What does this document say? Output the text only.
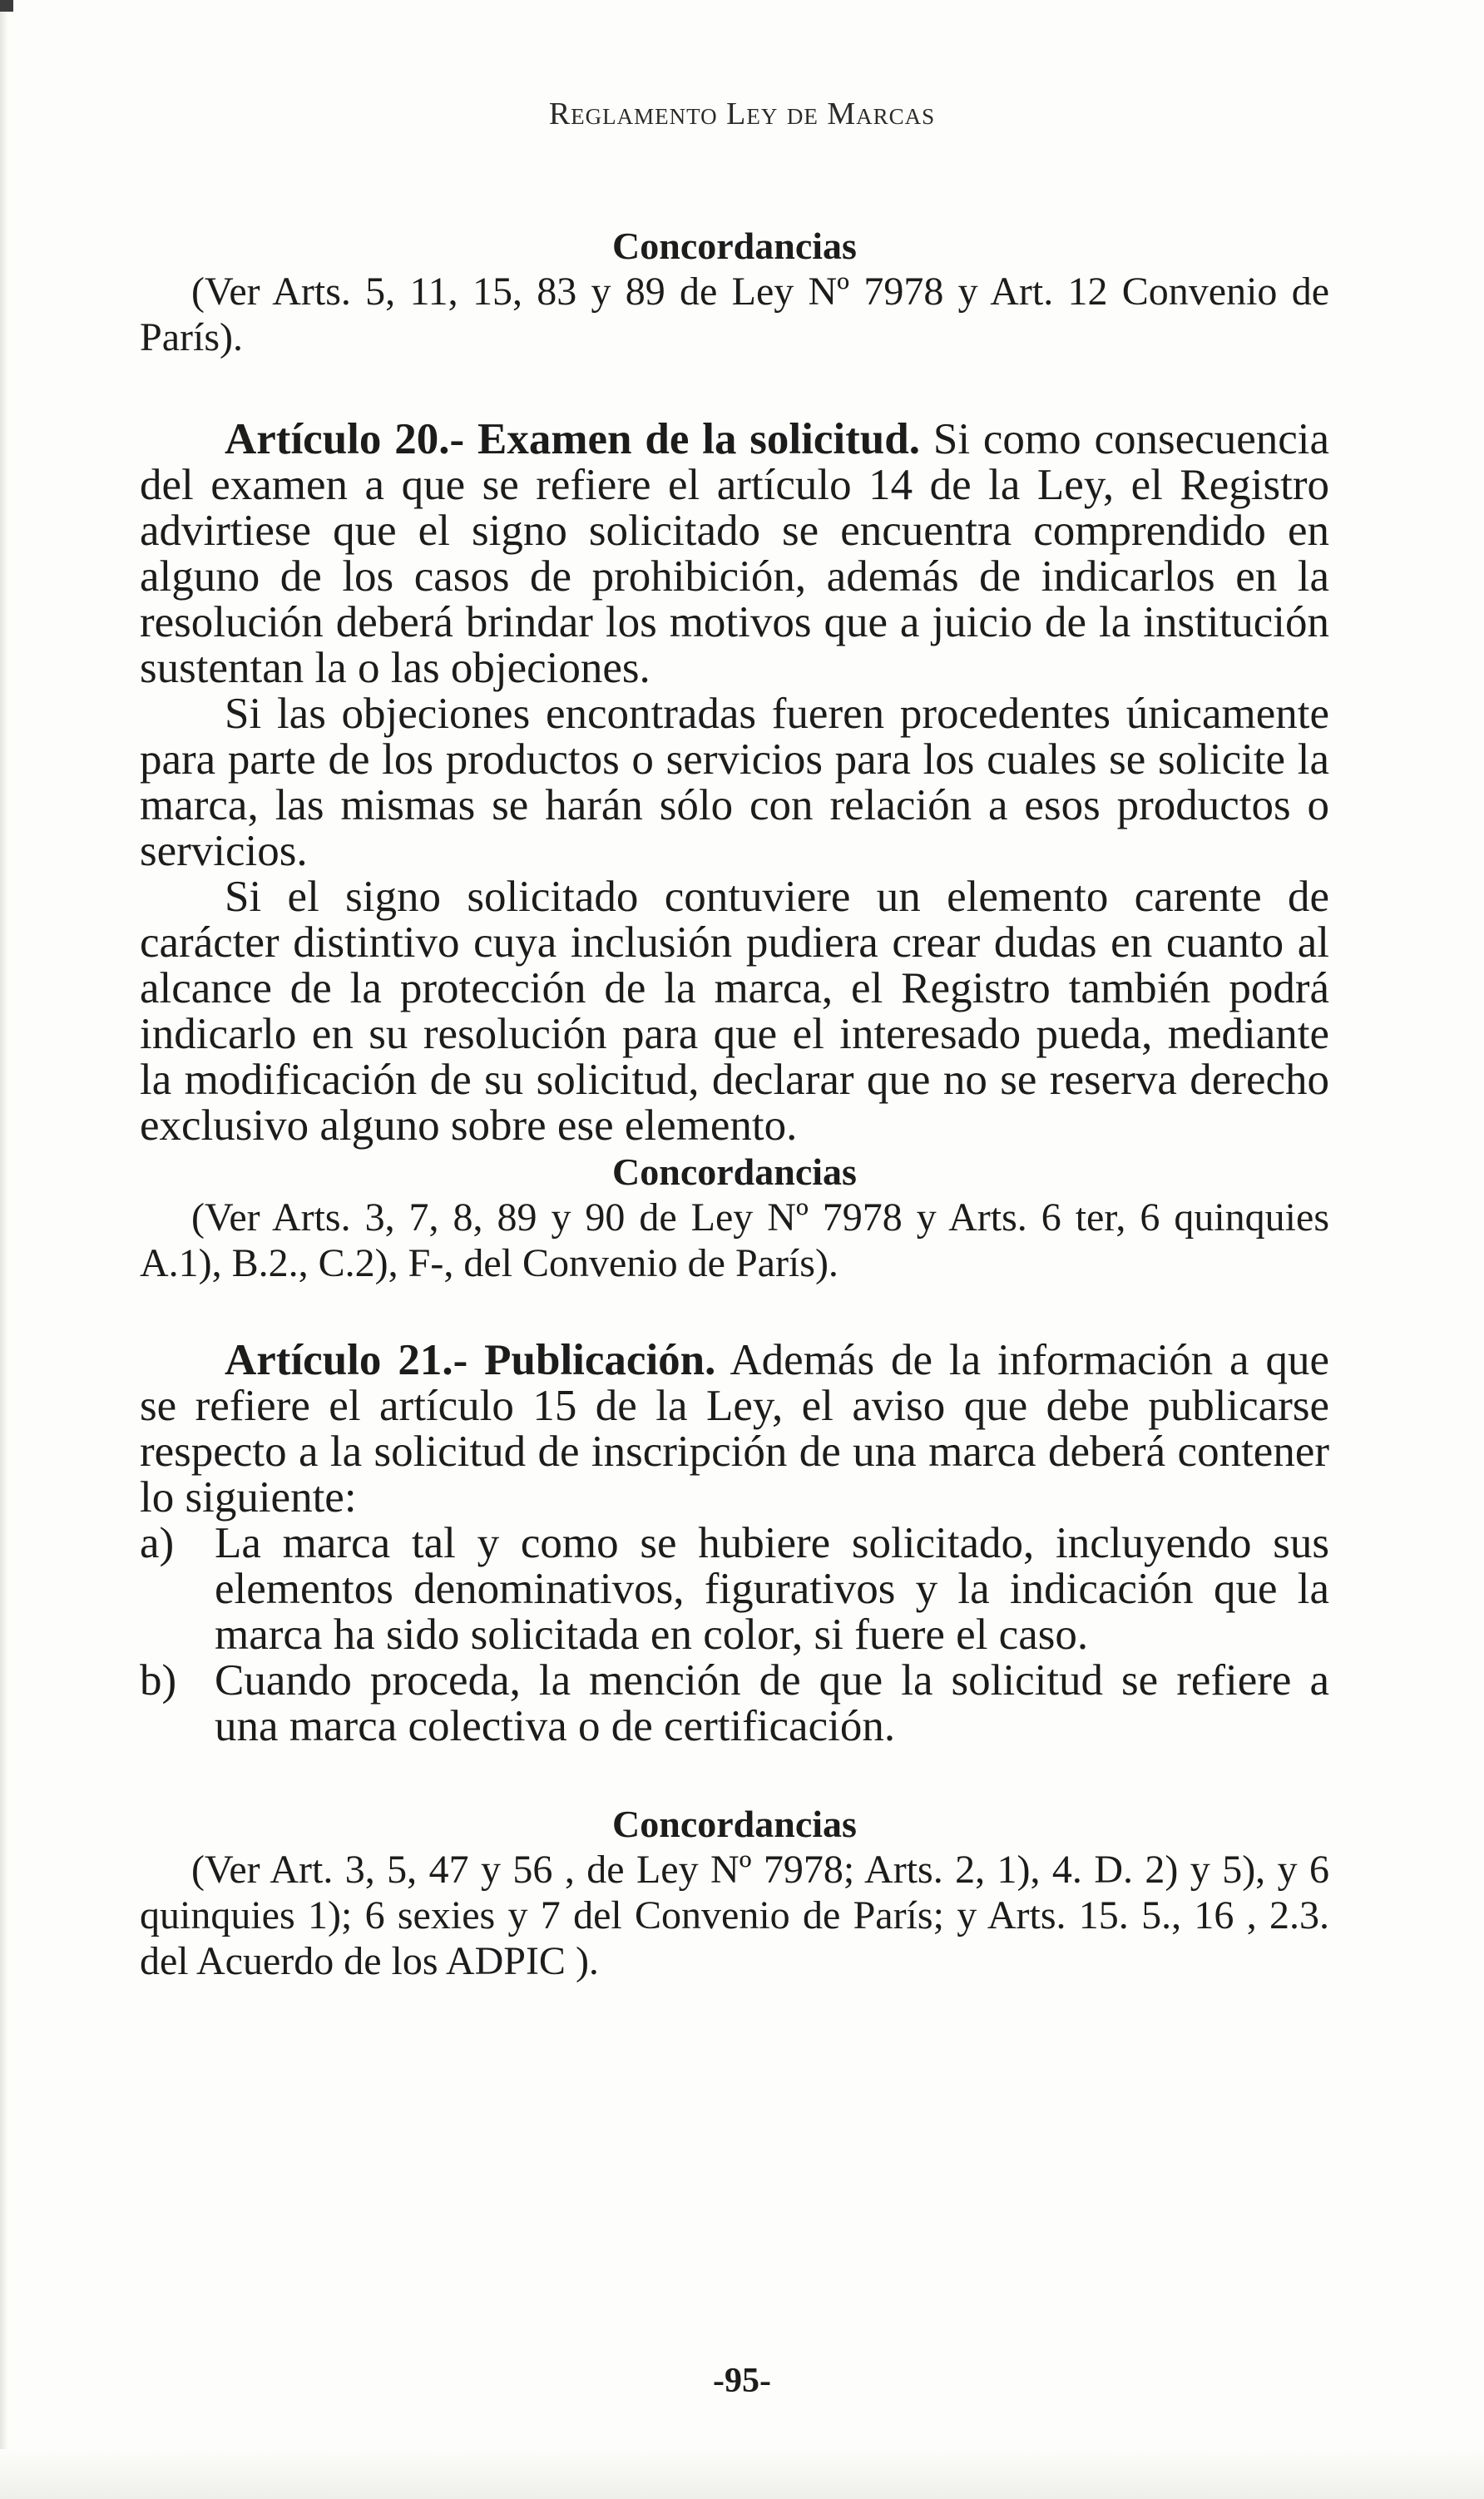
Reglamento Ley de Marcas

Concordancias

(Ver Arts. 5, 11, 15, 83 y 89 de Ley Nº 7978 y Art. 12 Convenio de París).

Artículo 20.- Examen de la solicitud. Si como consecuencia del examen a que se refiere el artículo 14 de la Ley, el Registro advirtiese que el signo solicitado se encuentra comprendido en alguno de los casos de prohibición, además de indicarlos en la resolución deberá brindar los motivos que a juicio de la institución sustentan la o las objeciones.

Si las objeciones encontradas fueren procedentes únicamente para parte de los productos o servicios para los cuales se solicite la marca, las mismas se harán sólo con relación a esos productos o servicios.

Si el signo solicitado contuviere un elemento carente de carácter distintivo cuya inclusión pudiera crear dudas en cuanto al alcance de la protección de la marca, el Registro también podrá indicarlo en su resolución para que el interesado pueda, mediante la modificación de su solicitud, declarar que no se reserva derecho exclusivo alguno sobre ese elemento.

Concordancias

(Ver Arts. 3, 7, 8, 89 y 90 de Ley Nº 7978 y Arts. 6 ter, 6 quinquies A.1), B.2., C.2), F-, del Convenio de París).

Artículo 21.- Publicación. Además de la información a que se refiere el artículo 15 de la Ley, el aviso que debe publicarse respecto a la solicitud de inscripción de una marca deberá contener lo siguiente:

a) La marca tal y como se hubiere solicitado, incluyendo sus elementos denominativos, figurativos y la indicación que la marca ha sido solicitada en color, si fuere el caso.
b) Cuando proceda, la mención de que la solicitud se refiere a una marca colectiva o de certificación.

Concordancias

(Ver Art. 3, 5, 47 y 56 , de Ley Nº 7978; Arts. 2, 1), 4. D. 2) y 5), y 6 quinquies 1); 6 sexies y 7 del Convenio de París; y Arts. 15. 5., 16 , 2.3. del Acuerdo de los ADPIC ).

-95-
